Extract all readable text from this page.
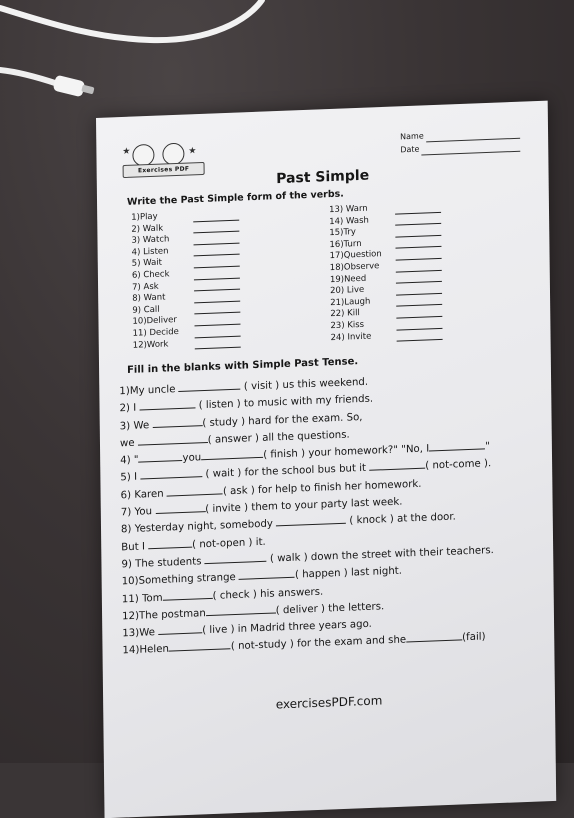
★	★
Exercises PDF
Name
Date
Past Simple
Write the Past Simple form of the verbs.
1)Play
2) Walk
3) Watch
4) Listen
5) Wait
6) Check
7) Ask
8) Want
9) Call
10)Deliver
11) Decide
12)Work
13) Warn
14) Wash
15)Try
16)Turn
17)Question
18)Observe
19)Need
20) Live
21)Laugh
22) Kill
23) Kiss
24) Invite
Fill in the blanks with Simple Past Tense.
1)My uncle	( visit ) us this weekend.
2) I	( listen ) to music with my friends.
3) We	( study ) hard for the exam. So,
we	( answer ) all the questions.
4) "	you	( finish ) your homework?" "No, I	"
5) I	( wait ) for the school bus but it	( not-come ).
6) Karen	( ask ) for help to finish her homework.
7) You	( invite ) them to your party last week.
8) Yesterday night, somebody	( knock ) at the door.
But I	( not-open ) it.
9) The students	( walk ) down the street with their teachers.
10)Something strange	( happen ) last night.
11) Tom	( check ) his answers.
12)The postman	( deliver ) the letters.
13)We	( live ) in Madrid three years ago.
14)Helen	( not-study ) for the exam and she	(fail)
exercisesPDF.com
